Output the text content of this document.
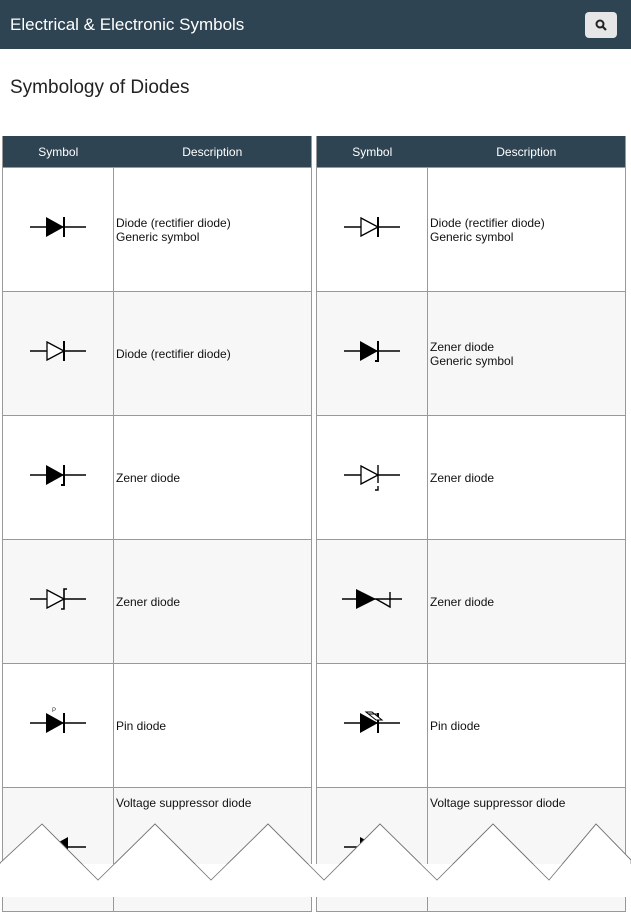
Electrical & Electronic Symbols
Symbology of Diodes
Symbol	Description
	Diode (rectifier diode)
Generic symbol
	Diode (rectifier diode)
	Zener diode
	Zener diode

P	Pin diode
	Voltage suppressor diode
Symbol	Description
	Diode (rectifier diode)
Generic symbol
	Zener diode
Generic symbol
	Zener diode
	Zener diode
	Pin diode
	Voltage suppressor diode
